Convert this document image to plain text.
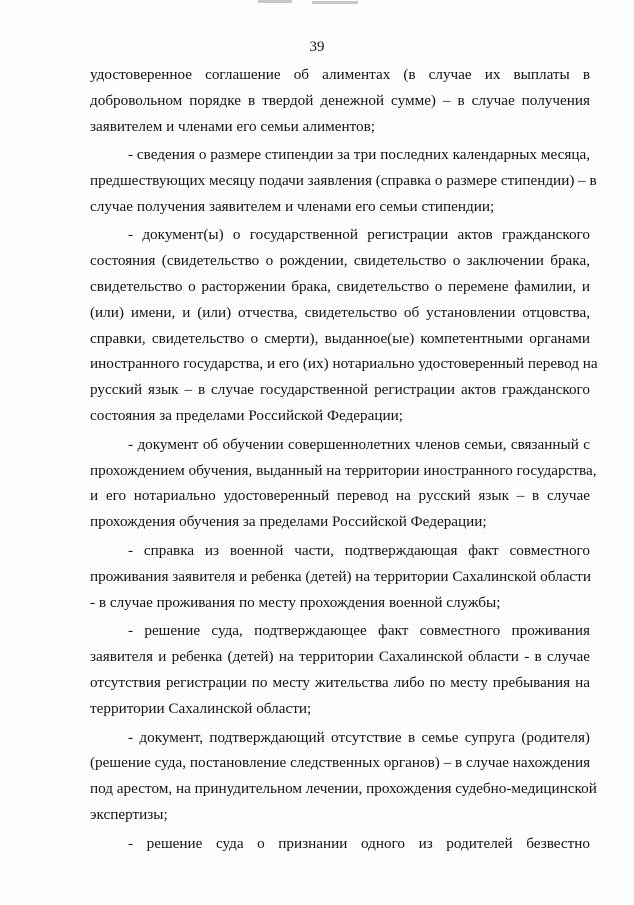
39

удостоверенное соглашение об алиментах (в случае их выплаты в
добровольном порядке в твердой денежной сумме) – в случае получения
заявителем и членами его семьи алиментов;

- сведения о размере стипендии за три последних календарных месяца,
предшествующих месяцу подачи заявления (справка о размере стипендии) – в
случае получения заявителем и членами его семьи стипендии;

- документ(ы) о государственной регистрации актов гражданского
состояния (свидетельство о рождении, свидетельство о заключении брака,
свидетельство о расторжении брака, свидетельство о перемене фамилии, и
(или) имени, и (или) отчества, свидетельство об установлении отцовства,
справки, свидетельство о смерти), выданное(ые) компетентными органами
иностранного государства, и его (их) нотариально удостоверенный перевод на
русский язык – в случае государственной регистрации актов гражданского
состояния за пределами Российской Федерации;

- документ об обучении совершеннолетних членов семьи, связанный с
прохождением обучения, выданный на территории иностранного государства,
и его нотариально удостоверенный перевод на русский язык – в случае
прохождения обучения за пределами Российской Федерации;

- справка из военной части, подтверждающая факт совместного
проживания заявителя и ребенка (детей) на территории Сахалинской области
- в случае проживания по месту прохождения военной службы;

- решение суда, подтверждающее факт совместного проживания
заявителя и ребенка (детей) на территории Сахалинской области - в случае
отсутствия регистрации по месту жительства либо по месту пребывания на
территории Сахалинской области;

- документ, подтверждающий отсутствие в семье супруга (родителя)
(решение суда, постановление следственных органов) – в случае нахождения
под арестом, на принудительном лечении, прохождения судебно-медицинской
экспертизы;

- решение суда о признании одного из родителей безвестно
